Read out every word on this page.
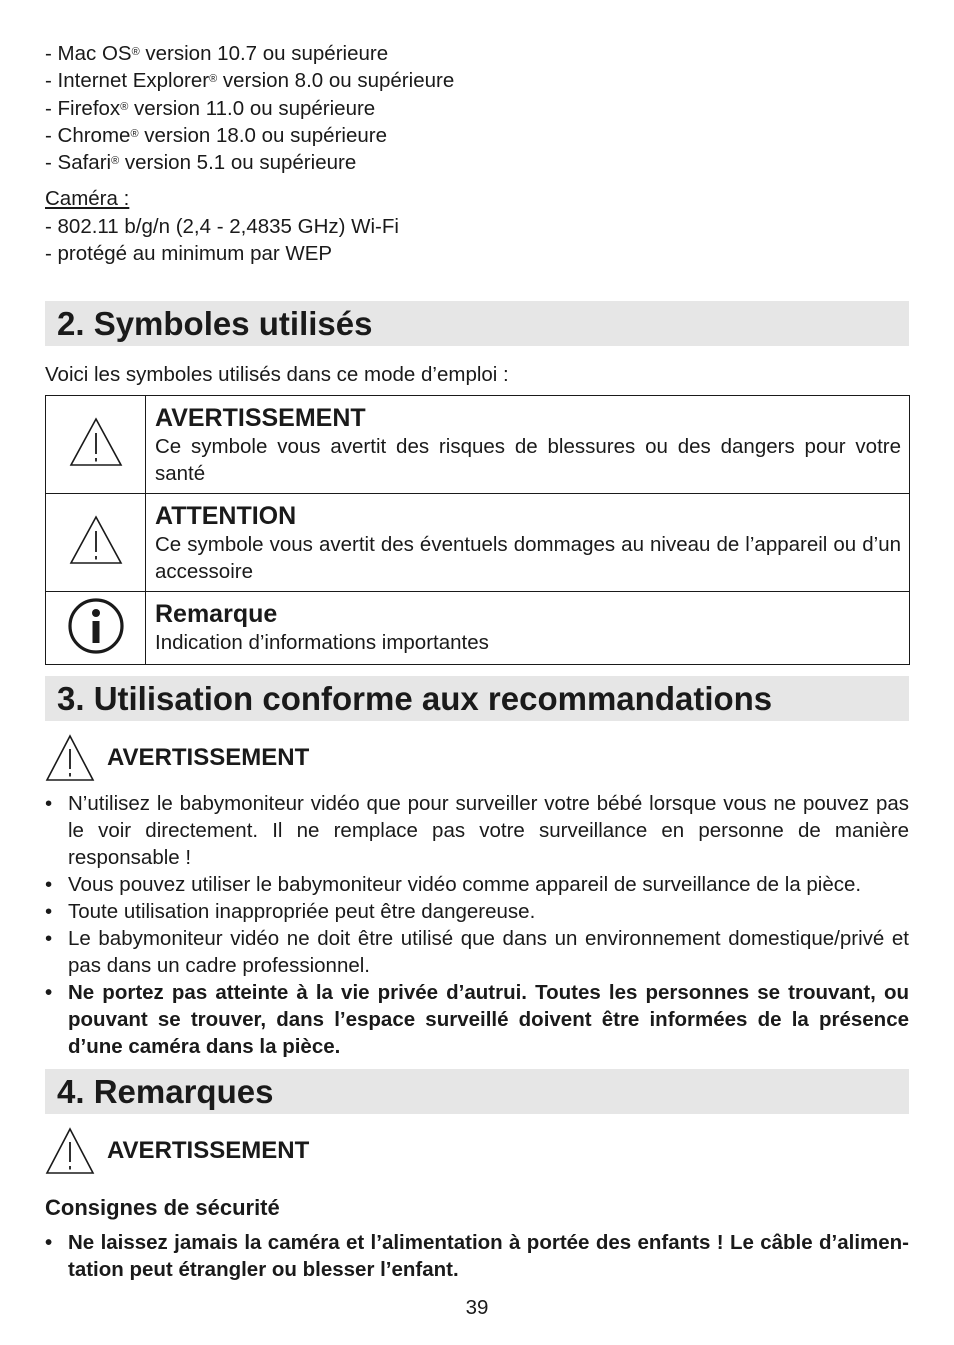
- Mac OS® version 10.7 ou supérieure
- Internet Explorer® version 8.0 ou supérieure
- Firefox® version 11.0 ou supérieure
- Chrome® version 18.0 ou supérieure
- Safari® version 5.1 ou supérieure
Caméra :
- 802.11 b/g/n (2,4 - 2,4835 GHz) Wi-Fi
- protégé au minimum par WEP
2. Symboles utilisés
Voici les symboles utilisés dans ce mode d’emploi :

AVERTISSEMENT
Ce symbole vous avertit des risques de blessures ou des dangers pour votre santé

ATTENTION
Ce symbole vous avertit des éventuels dommages au niveau de l’appareil ou d’un accessoire

Remarque
Indication d’informations importantes
3. Utilisation conforme aux recommandations
AVERTISSEMENT
• N’utilisez le babymoniteur vidéo que pour surveiller votre bébé lorsque vous ne pouvez pas le voir directement. Il ne remplace pas votre surveillance en personne de manière responsable !
• Vous pouvez utiliser le babymoniteur vidéo comme appareil de surveillance de la pièce.
• Toute utilisation inappropriée peut être dangereuse.
• Le babymoniteur vidéo ne doit être utilisé que dans un environnement domestique/privé et pas dans un cadre professionnel.
• Ne portez pas atteinte à la vie privée d’autrui. Toutes les personnes se trouvant, ou pouvant se trouver, dans l’espace surveillé doivent être informées de la présence d’une caméra dans la pièce.
4. Remarques
AVERTISSEMENT
Consignes de sécurité
• Ne laissez jamais la caméra et l’alimentation à portée des enfants ! Le câble d’alimen-tation peut étrangler ou blesser l’enfant.
39
